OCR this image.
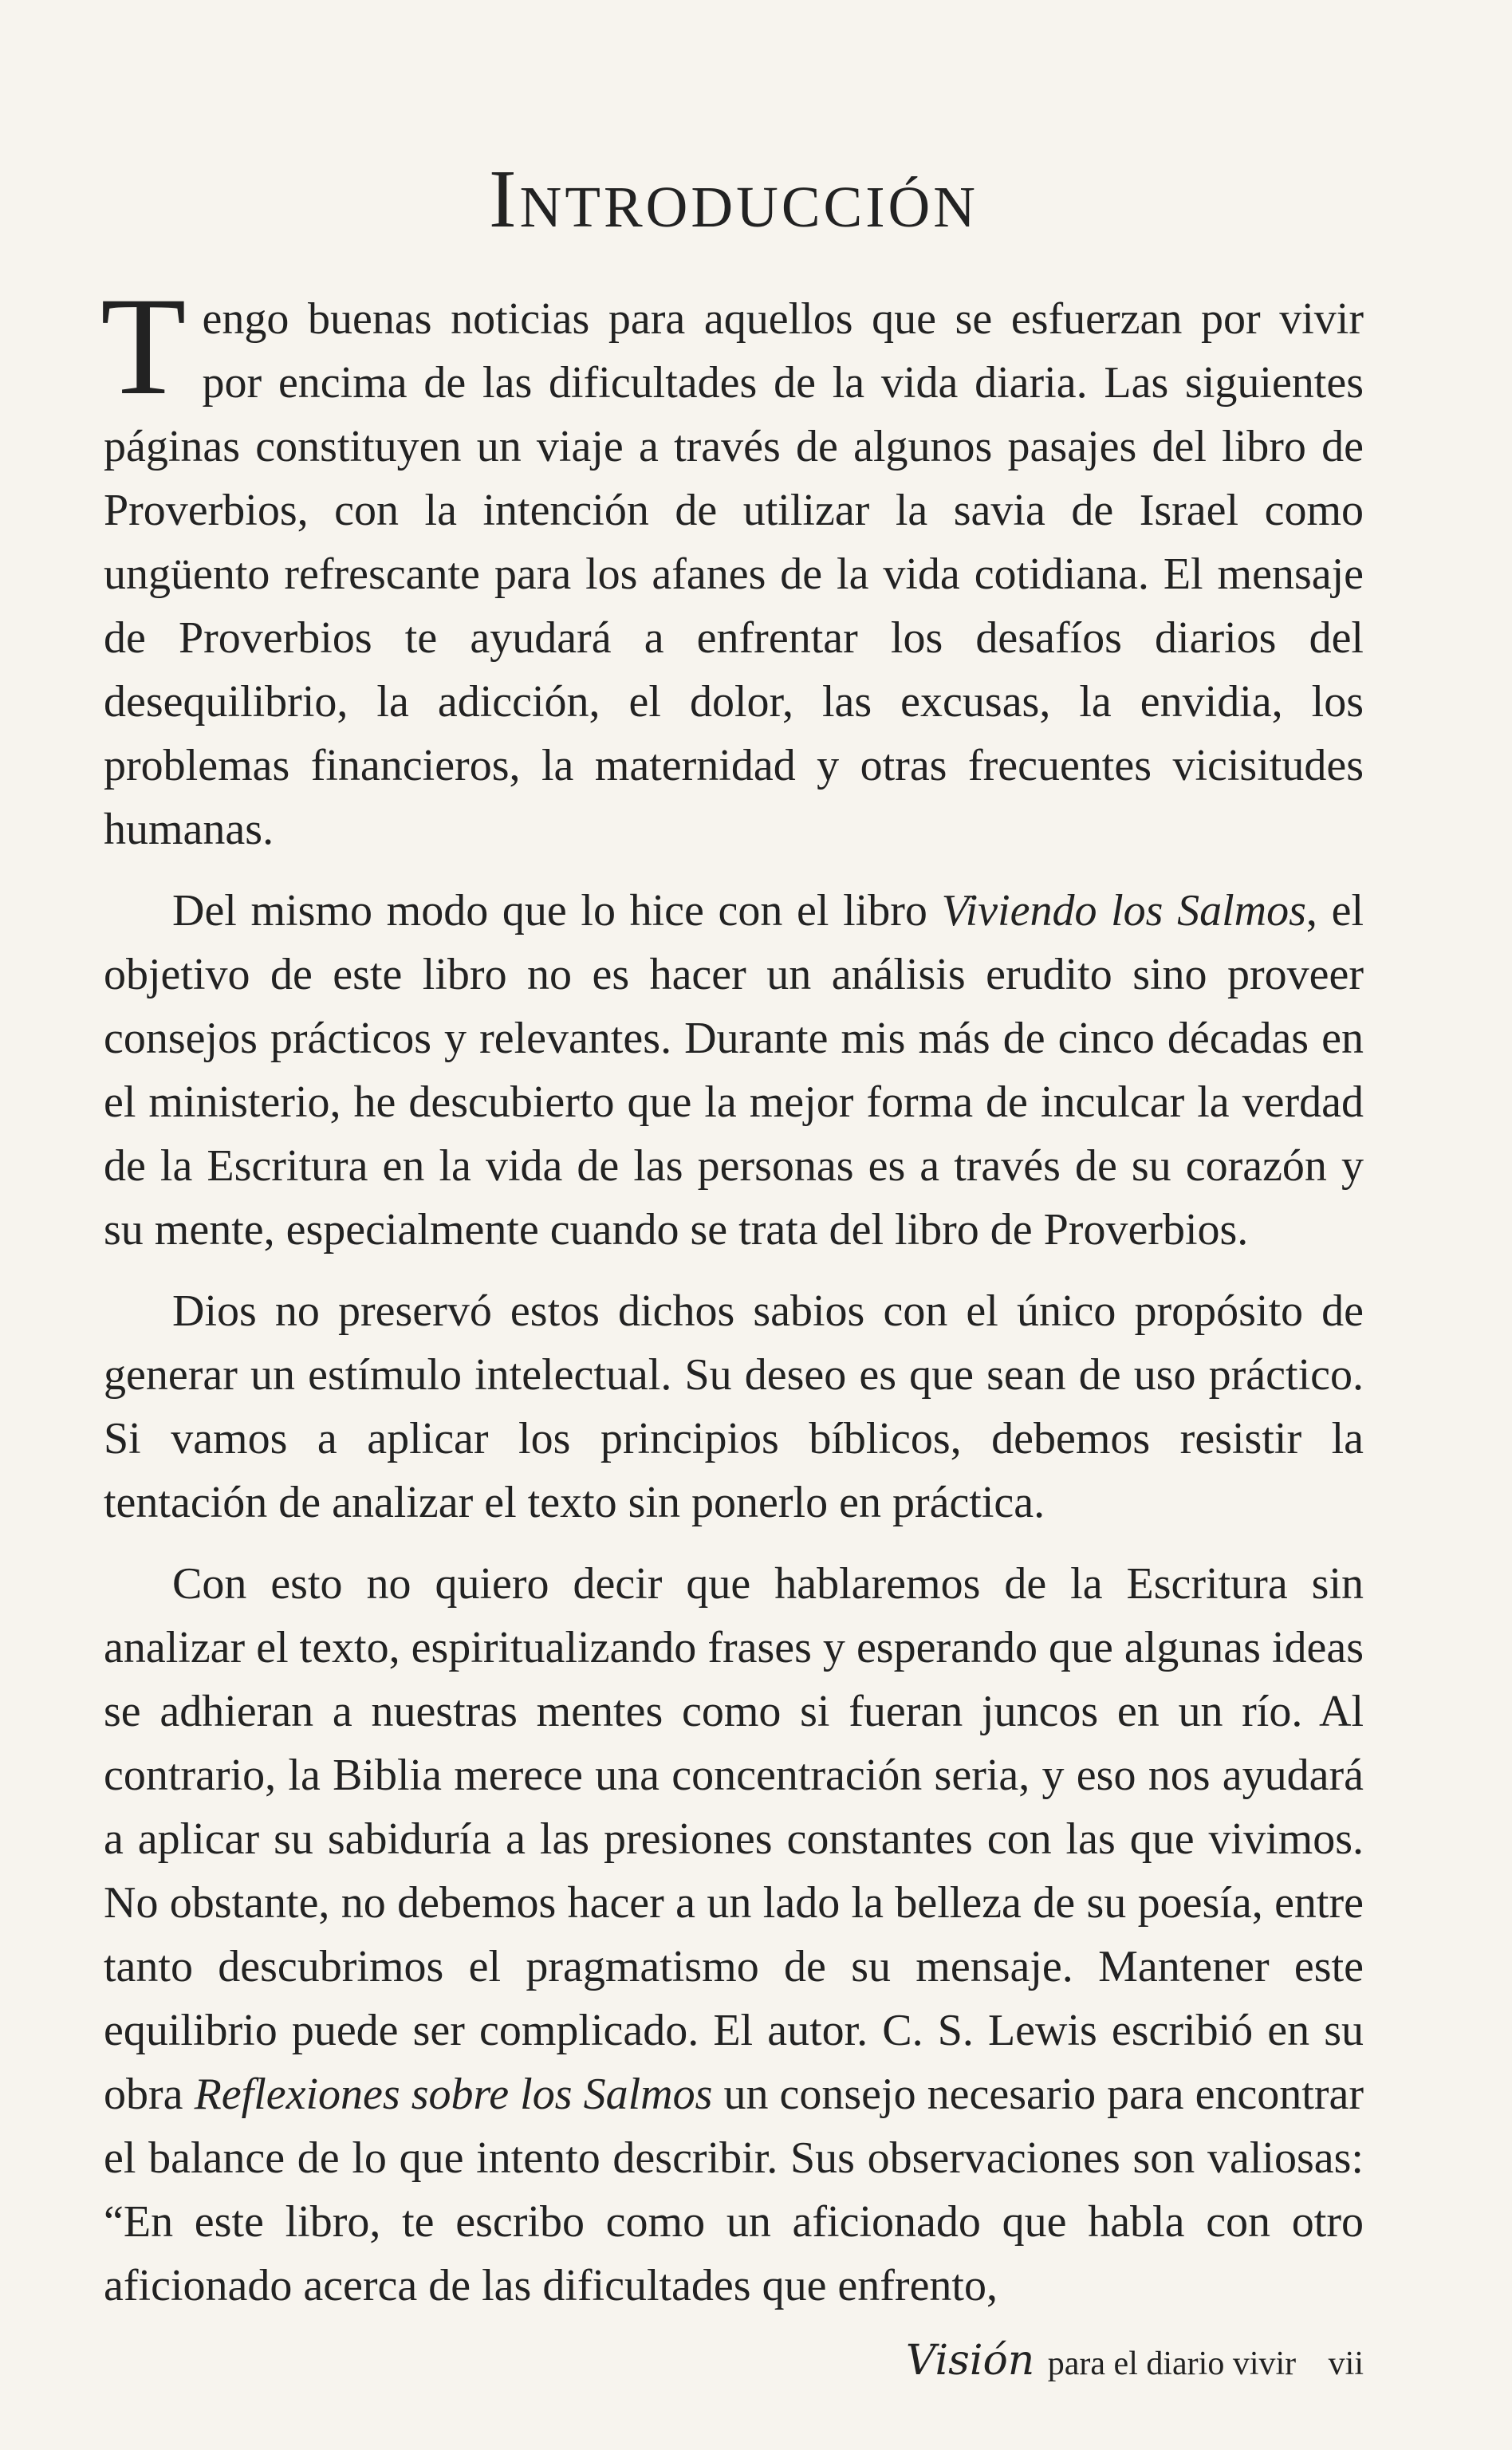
Introducción

Tengo buenas noticias para aquellos que se esfuerzan por vivir por encima de las dificultades de la vida diaria. Las siguientes páginas constituyen un viaje a través de algunos pasajes del libro de Proverbios, con la intención de utilizar la savia de Israel como ungüento refrescante para los afanes de la vida cotidiana. El mensaje de Proverbios te ayudará a enfrentar los desafíos diarios del desequilibrio, la adicción, el dolor, las excusas, la envidia, los problemas financieros, la maternidad y otras frecuentes vicisitudes humanas.

Del mismo modo que lo hice con el libro Viviendo los Salmos, el objetivo de este libro no es hacer un análisis erudito sino proveer consejos prácticos y relevantes. Durante mis más de cinco décadas en el ministerio, he descubierto que la mejor forma de inculcar la verdad de la Escritura en la vida de las personas es a través de su corazón y su mente, especialmente cuando se trata del libro de Proverbios.

Dios no preservó estos dichos sabios con el único propósito de generar un estímulo intelectual. Su deseo es que sean de uso práctico. Si vamos a aplicar los principios bíblicos, debemos resistir la tentación de analizar el texto sin ponerlo en práctica.

Con esto no quiero decir que hablaremos de la Escritura sin analizar el texto, espiritualizando frases y esperando que algunas ideas se adhieran a nuestras mentes como si fueran juncos en un río. Al contrario, la Biblia merece una concentración seria, y eso nos ayudará a aplicar su sabiduría a las presiones constantes con las que vivimos. No obstante, no debemos hacer a un lado la belleza de su poesía, entre tanto descubrimos el pragmatismo de su mensaje. Mantener este equilibrio puede ser complicado. El autor. C. S. Lewis escribió en su obra Reflexiones sobre los Salmos un consejo necesario para encontrar el balance de lo que intento describir. Sus observaciones son valiosas: “En este libro, te escribo como un aficionado que habla con otro aficionado acerca de las dificultades que enfrento,

Visión para el diario vivir vii
